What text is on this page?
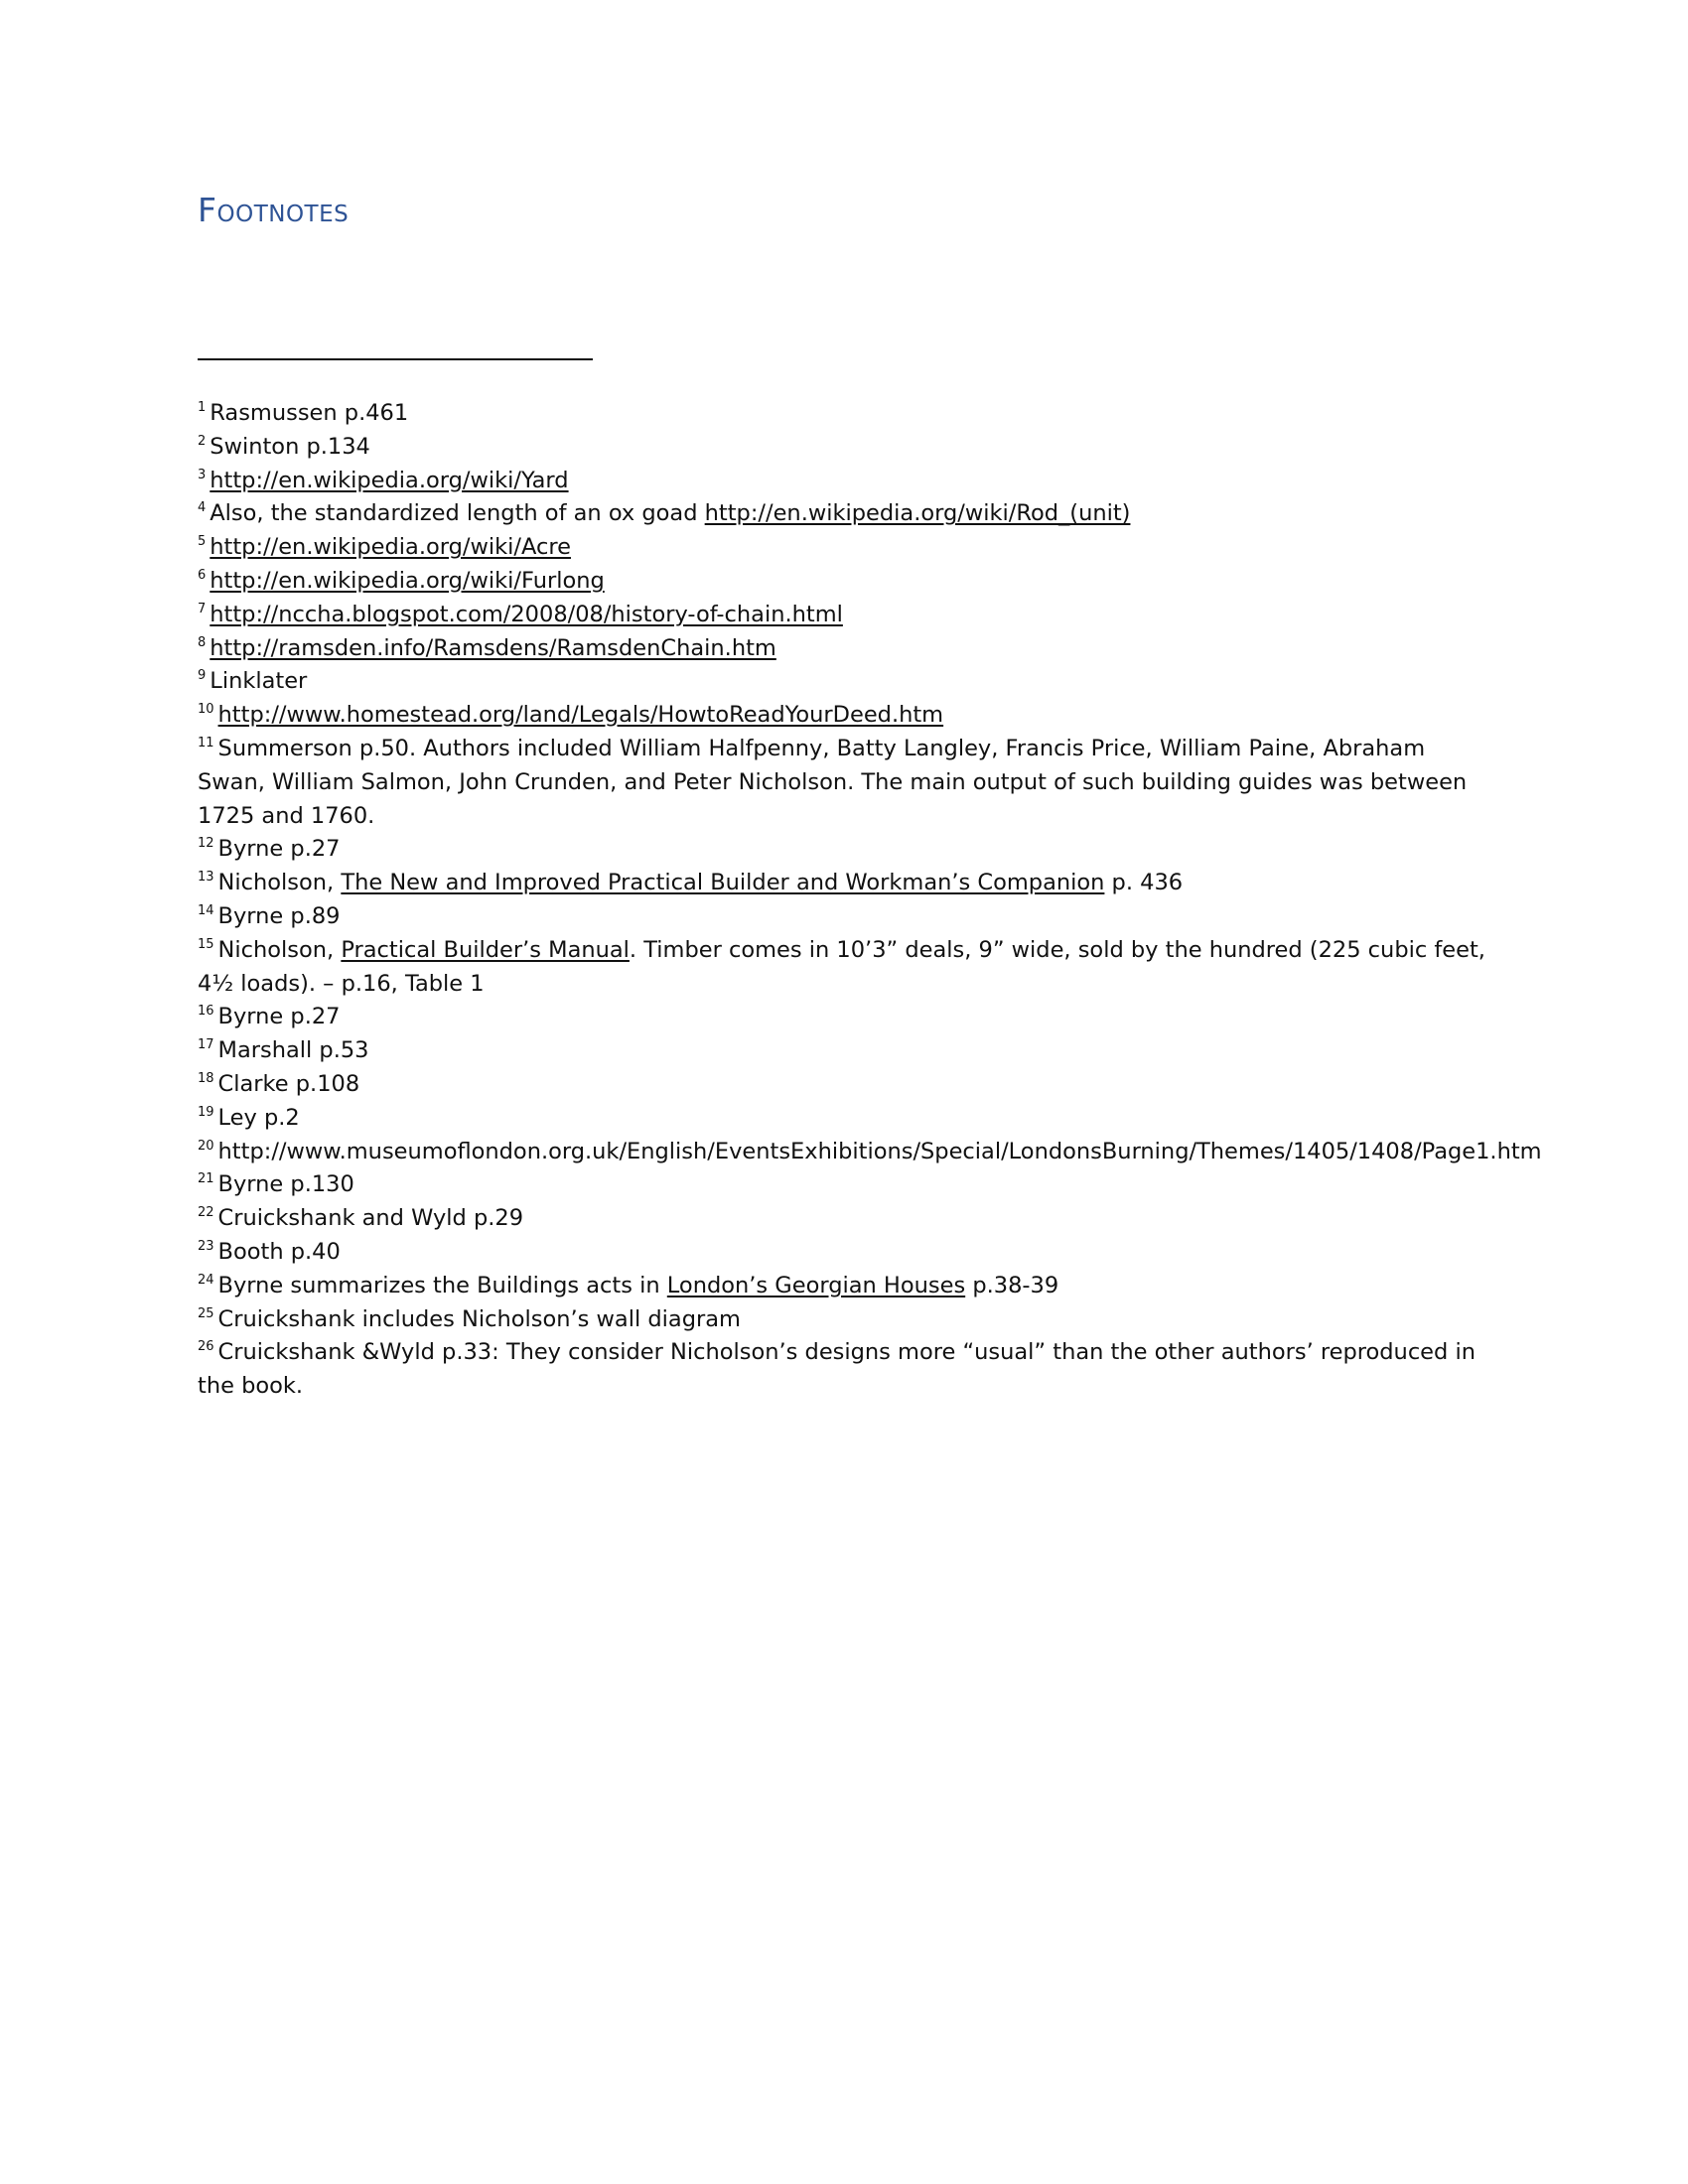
Footnotes
$^1$ Rasmussen p.461
$^2$ Swinton p.134
$^3$ http://en.wikipedia.org/wiki/Yard
$^4$ Also, the standardized length of an ox goad http://en.wikipedia.org/wiki/Rod_(unit)
$^5$ http://en.wikipedia.org/wiki/Acre
$^6$ http://en.wikipedia.org/wiki/Furlong
$^7$ http://nccha.blogspot.com/2008/08/history-of-chain.html
$^8$ http://ramsden.info/Ramsdens/RamsdenChain.htm
$^9$ Linklater
$^{10}$ http://www.homestead.org/land/Legals/HowtoReadYourDeed.htm
$^{11}$ Summerson p.50. Authors included William Halfpenny, Batty Langley, Francis Price, William Paine, Abraham Swan, William Salmon, John Crunden, and Peter Nicholson. The main output of such building guides was between 1725 and 1760.
$^{12}$ Byrne p.27
$^{13}$ Nicholson, The New and Improved Practical Builder and Workman’s Companion p. 436
$^{14}$ Byrne p.89
$^{15}$ Nicholson, Practical Builder’s Manual. Timber comes in 10’3” deals, 9” wide, sold by the hundred (225 cubic feet, 4½ loads). – p.16, Table 1
$^{16}$ Byrne p.27
$^{17}$ Marshall p.53
$^{18}$ Clarke p.108
$^{19}$ Ley p.2
$^{20}$ http://www.museumoflondon.org.uk/English/EventsExhibitions/Special/LondonsBurning/Themes/1405/1408/Page1.htm
$^{21}$ Byrne p.130
$^{22}$ Cruickshank and Wyld p.29
$^{23}$ Booth p.40
$^{24}$ Byrne summarizes the Buildings acts in London’s Georgian Houses p.38-39
$^{25}$ Cruickshank includes Nicholson’s wall diagram
$^{26}$ Cruickshank &Wyld p.33: They consider Nicholson’s designs more “usual” than the other authors’ reproduced in the book.
